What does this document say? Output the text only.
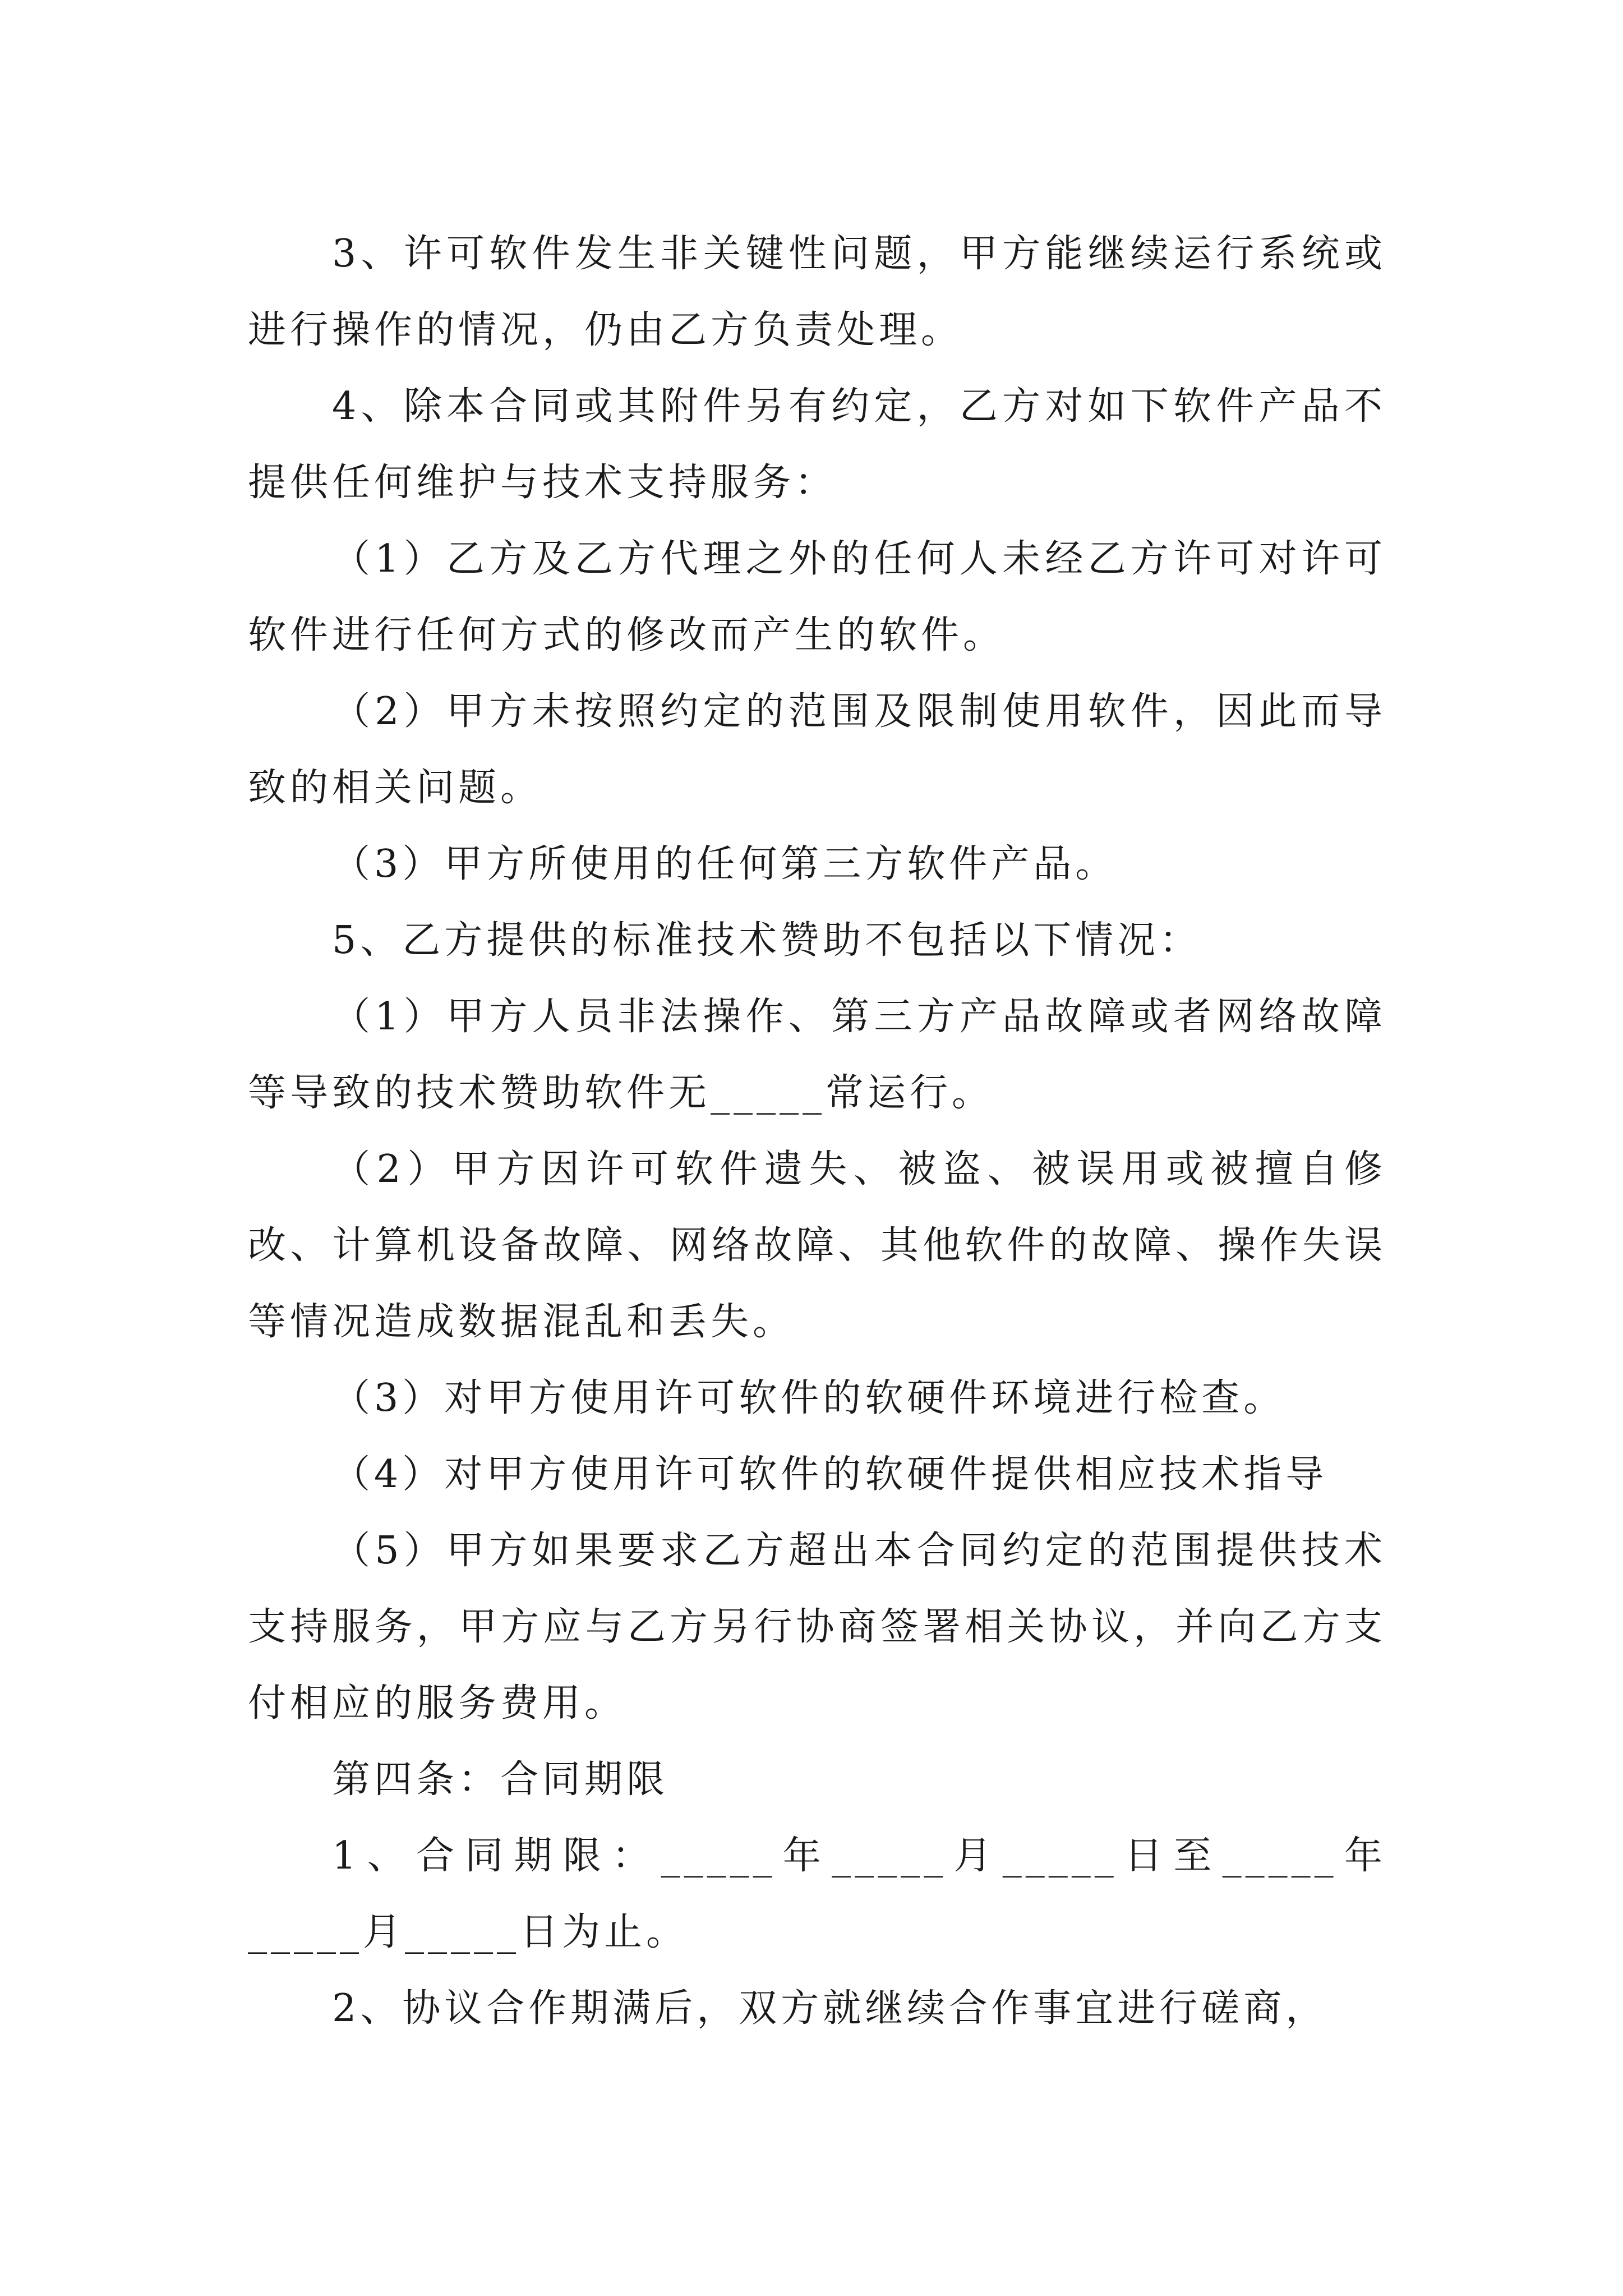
3、许可软件发生非关键性问题，甲方能继续运行系统或进行操作的情况，仍由乙方负责处理。

4、除本合同或其附件另有约定，乙方对如下软件产品不提供任何维护与技术支持服务：

（1）乙方及乙方代理之外的任何人未经乙方许可对许可软件进行任何方式的修改而产生的软件。

（2）甲方未按照约定的范围及限制使用软件，因此而导致的相关问题。

（3）甲方所使用的任何第三方软件产品。

5、乙方提供的标准技术赞助不包括以下情况：

（1）甲方人员非法操作、第三方产品故障或者网络故障等导致的技术赞助软件无_____常运行。

（2）甲方因许可软件遗失、被盗、被误用或被擅自修改、计算机设备故障、网络故障、其他软件的故障、操作失误等情况造成数据混乱和丢失。

（3）对甲方使用许可软件的软硬件环境进行检查。

（4）对甲方使用许可软件的软硬件提供相应技术指导

（5）甲方如果要求乙方超出本合同约定的范围提供技术支持服务，甲方应与乙方另行协商签署相关协议，并向乙方支付相应的服务费用。

第四条：合同期限

1、合同期限：_____年_____月_____日至_____年_____月_____日为止。

2、协议合作期满后，双方就继续合作事宜进行磋商，
